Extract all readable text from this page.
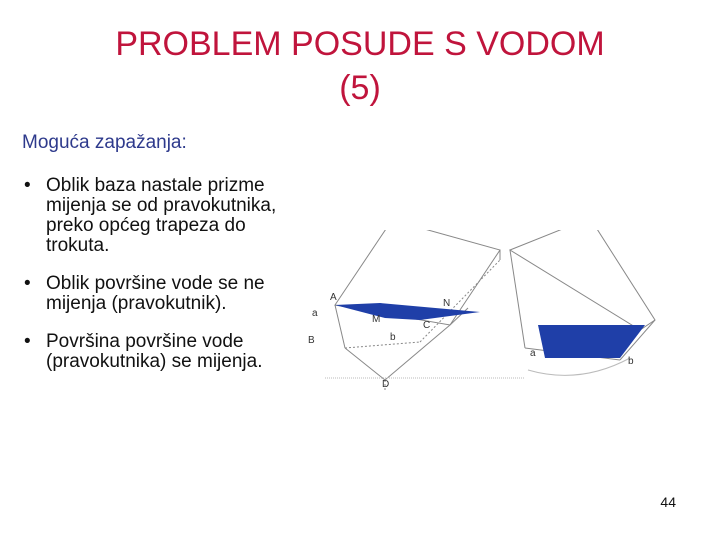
PROBLEM POSUDE S VODOM
(5)
Moguća zapažanja:
• Oblik baza nastale prizme mijenja se od pravokutnika, preko općeg trapeza do trokuta.
• Oblik površine vode se ne mijenja (pravokutnik).
• Površina površine vode (pravokutnika) se mijenja.
A
a
B
M
N
C
b
D
a
b
44
